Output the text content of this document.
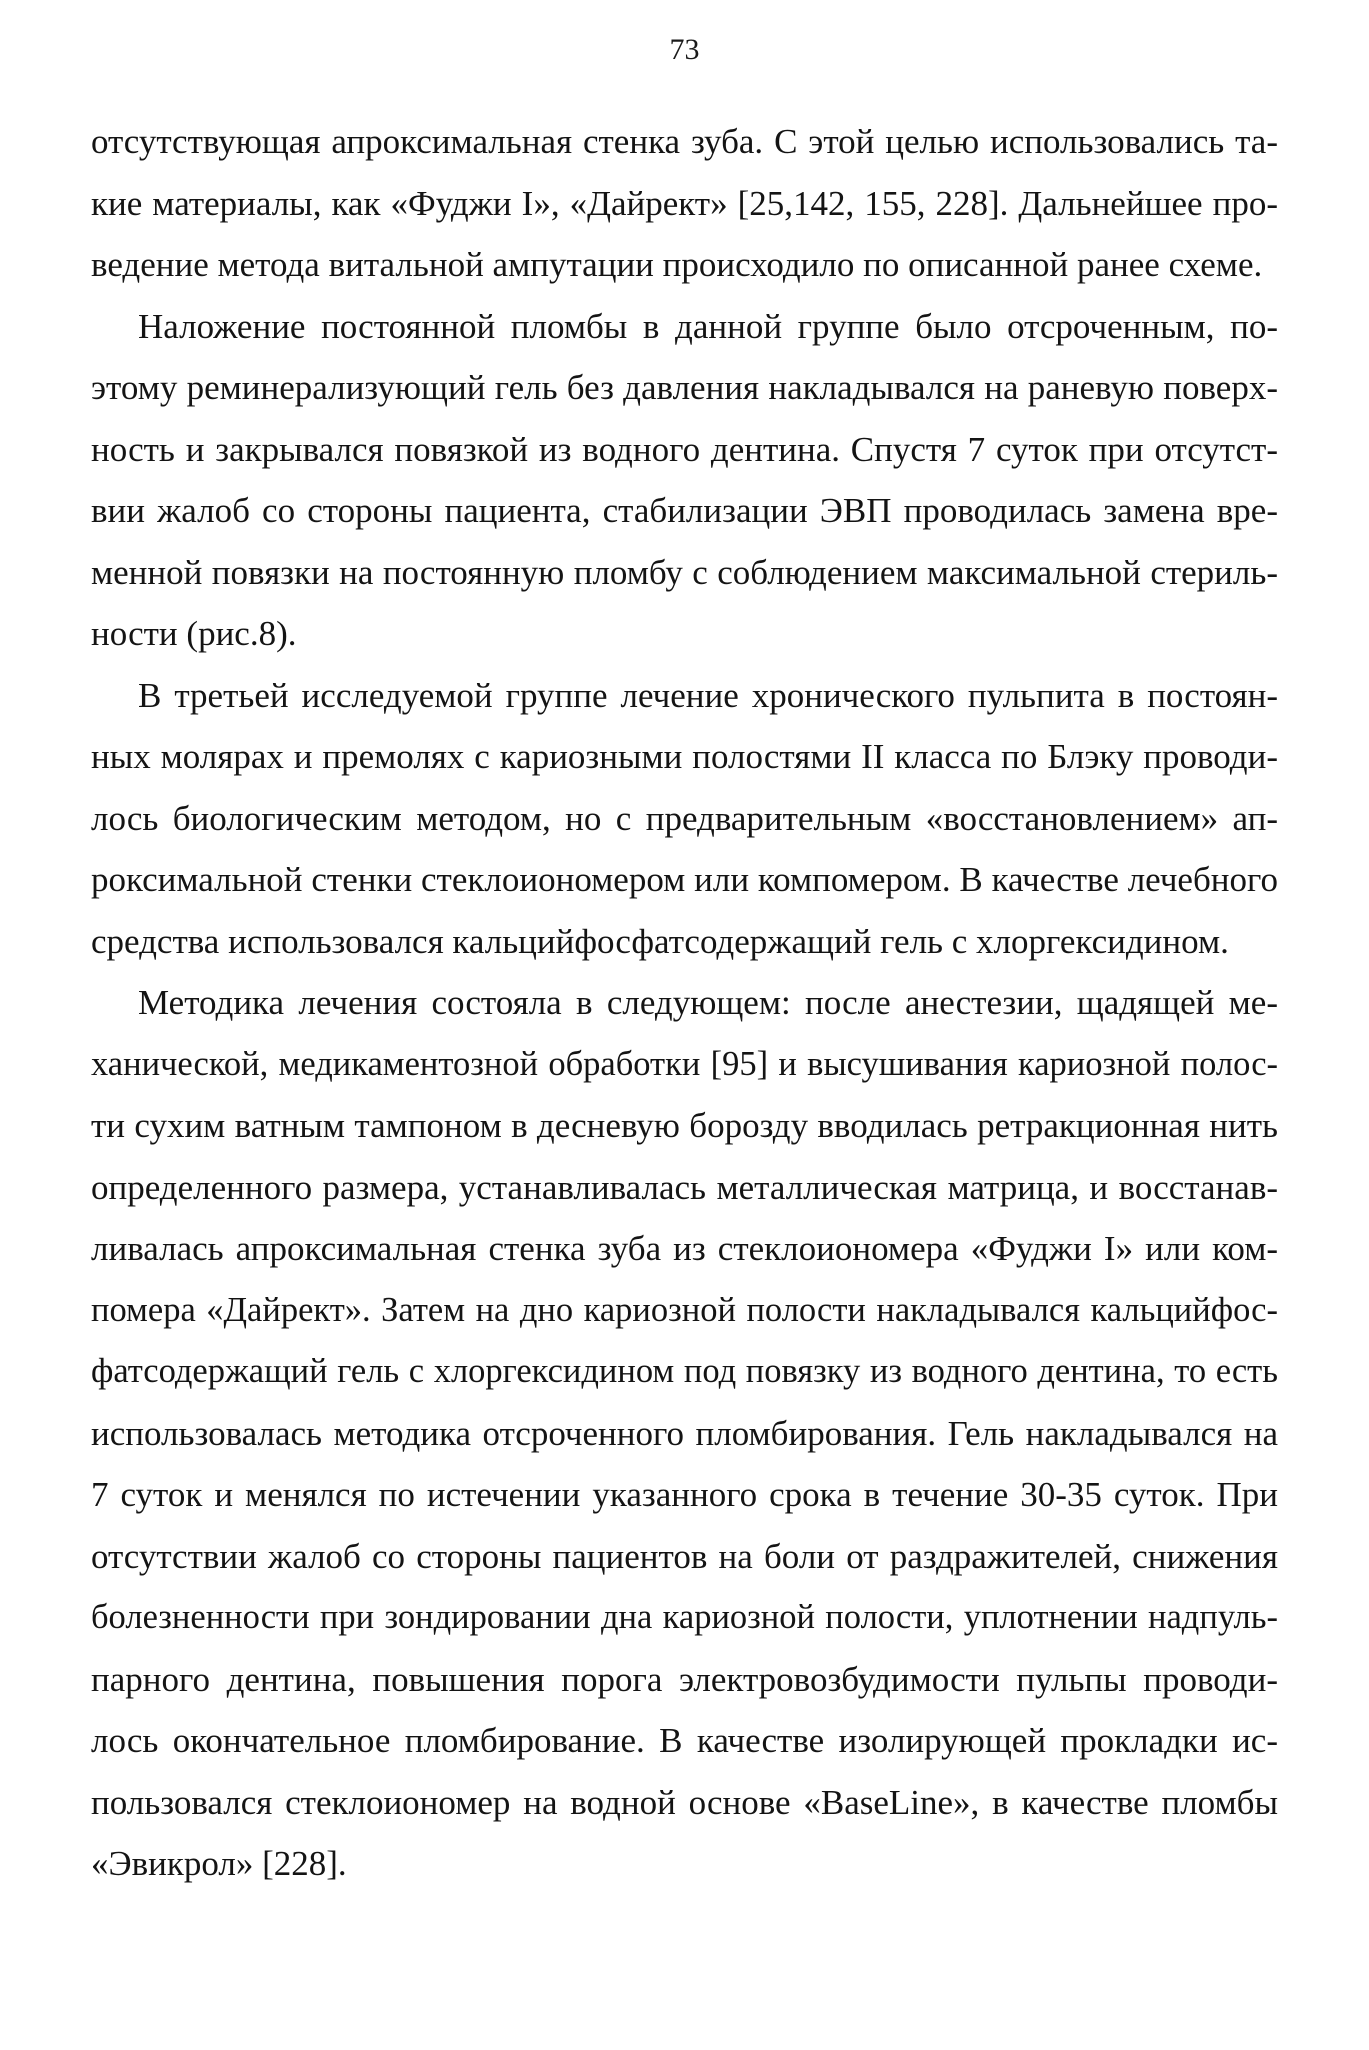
73
отсутствующая апроксимальная стенка зуба. С этой целью использовались та-
кие материалы, как «Фуджи I», «Дайрект» [25,142, 155, 228]. Дальнейшее про-
ведение метода витальной ампутации происходило по описанной ранее схеме.
Наложение постоянной пломбы в данной группе было отсроченным, по-
этому реминерализующий гель без давления накладывался на раневую поверх-
ность и закрывался повязкой из водного дентина. Спустя 7 суток при отсутст-
вии жалоб со стороны пациента, стабилизации ЭВП проводилась замена вре-
менной повязки на постоянную пломбу с соблюдением максимальной стериль-
ности (рис.8).
В третьей исследуемой группе лечение хронического пульпита в постоян-
ных молярах и премолях с кариозными полостями II класса по Блэку проводи-
лось биологическим методом, но с предварительным «восстановлением» ап-
роксимальной стенки стеклоиономером или компомером. В качестве лечебного
средства использовался кальцийфосфатсодержащий гель с хлоргексидином.
Методика лечения состояла в следующем: после анестезии, щадящей ме-
ханической, медикаментозной обработки [95] и высушивания кариозной полос-
ти сухим ватным тампоном в десневую борозду вводилась ретракционная нить
определенного размера, устанавливалась металлическая матрица, и восстанав-
ливалась апроксимальная стенка зуба из стеклоиономера «Фуджи I» или ком-
помера «Дайрект». Затем на дно кариозной полости накладывался кальцийфос-
фатсодержащий гель с хлоргексидином под повязку из водного дентина, то есть
использовалась методика отсроченного пломбирования. Гель накладывался на
7 суток и менялся по истечении указанного срока в течение 30-35 суток. При
отсутствии жалоб со стороны пациентов на боли от раздражителей, снижения
болезненности при зондировании дна кариозной полости, уплотнении надпуль-
парного дентина, повышения порога электровозбудимости пульпы проводи-
лось окончательное пломбирование. В качестве изолирующей прокладки ис-
пользовался стеклоиономер на водной основе «BaseLine», в качестве пломбы
«Эвикрол» [228].
